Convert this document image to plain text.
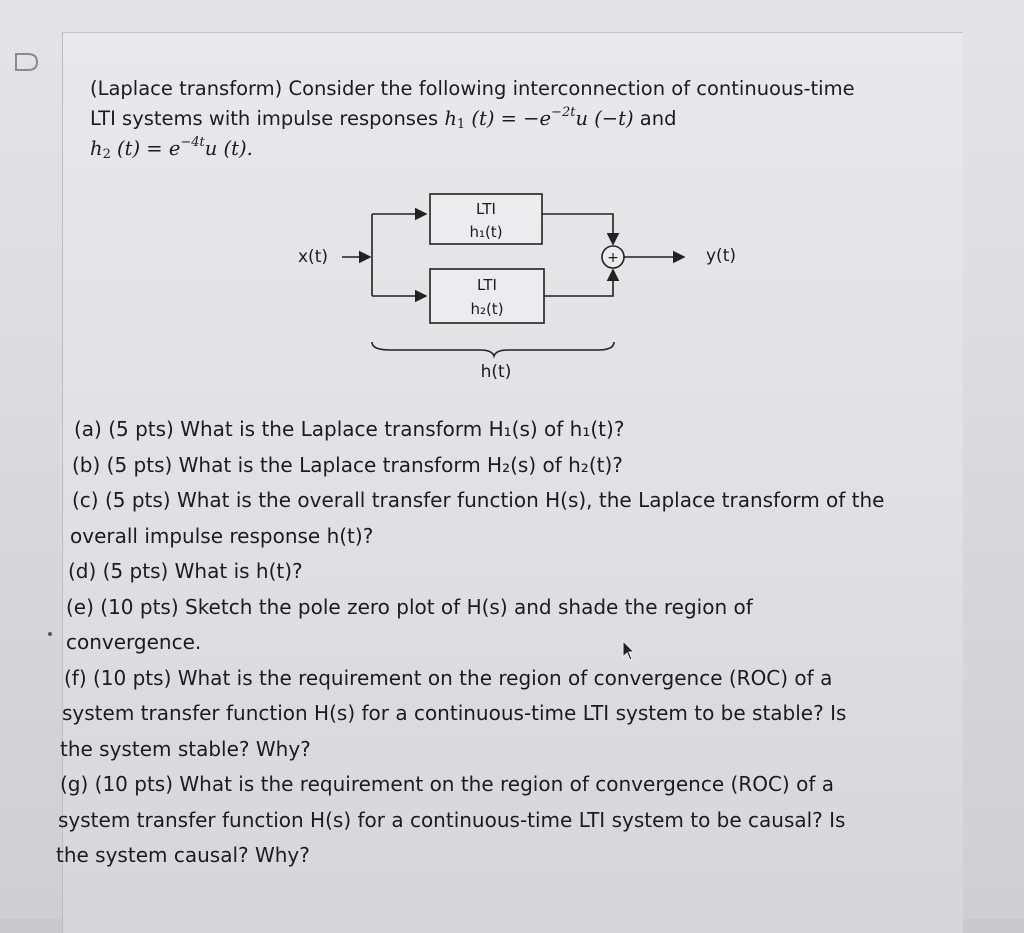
(Laplace transform) Consider the following interconnection of continuous-time
LTI systems with impulse responses $h_1$ $(t) = -e^{-2t}u$ (−t) and
$h_2$ $(t) = e^{-4t}u$ (t).
x(t)
LTI
h₁(t)
LTI
h₂(t)
+	y(t)
h(t)
(a) (5 pts) What is the Laplace transform H₁(s) of h₁(t)?
(b) (5 pts) What is the Laplace transform H₂(s) of h₂(t)?
(c) (5 pts) What is the overall transfer function H(s), the Laplace transform of the
overall impulse response h(t)?
(d) (5 pts) What is h(t)?
(e) (10 pts) Sketch the pole zero plot of H(s) and shade the region of
convergence.
(f) (10 pts) What is the requirement on the region of convergence (ROC) of a
system transfer function H(s) for a continuous-time LTI system to be stable? Is
the system stable? Why?
(g) (10 pts) What is the requirement on the region of convergence (ROC) of a
system transfer function H(s) for a continuous-time LTI system to be causal? Is
the system causal? Why?
